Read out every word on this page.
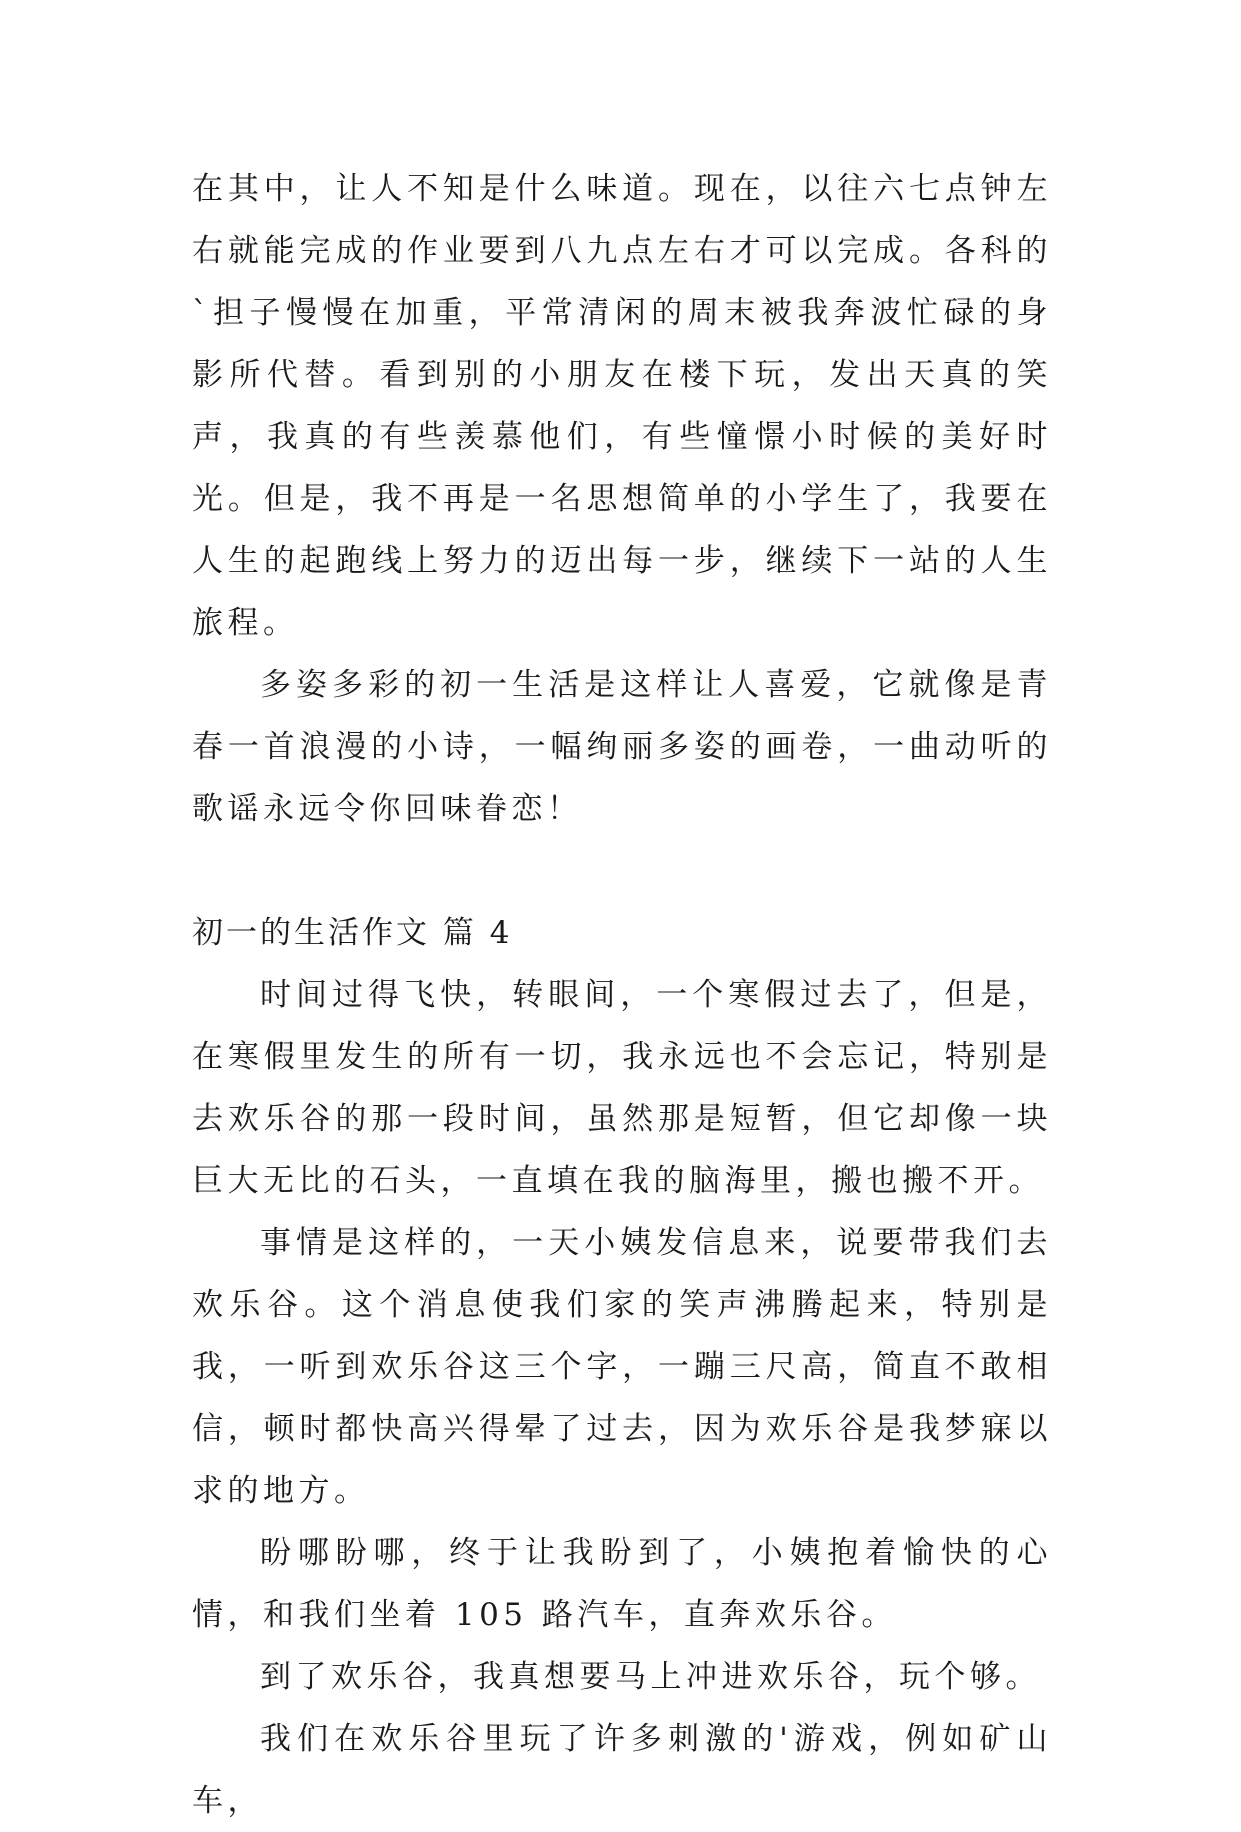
在其中，让人不知是什么味道。现在，以往六七点钟左右就能完成的作业要到八九点左右才可以完成。各科的`担子慢慢在加重，平常清闲的周末被我奔波忙碌的身影所代替。看到别的小朋友在楼下玩，发出天真的笑声，我真的有些羡慕他们，有些憧憬小时候的美好时光。但是，我不再是一名思想简单的小学生了，我要在人生的起跑线上努力的迈出每一步，继续下一站的人生旅程。

多姿多彩的初一生活是这样让人喜爱，它就像是青春一首浪漫的小诗，一幅绚丽多姿的画卷，一曲动听的歌谣永远令你回味眷恋！

初一的生活作文 篇 4

时间过得飞快，转眼间，一个寒假过去了，但是，在寒假里发生的所有一切，我永远也不会忘记，特别是去欢乐谷的那一段时间，虽然那是短暂，但它却像一块巨大无比的石头，一直填在我的脑海里，搬也搬不开。

事情是这样的，一天小姨发信息来，说要带我们去欢乐谷。这个消息使我们家的笑声沸腾起来，特别是我，一听到欢乐谷这三个字，一蹦三尺高，简直不敢相信，顿时都快高兴得晕了过去，因为欢乐谷是我梦寐以求的地方。

盼哪盼哪，终于让我盼到了，小姨抱着愉快的心情，和我们坐着 105 路汽车，直奔欢乐谷。

到了欢乐谷，我真想要马上冲进欢乐谷，玩个够。

我们在欢乐谷里玩了许多刺激的'游戏，例如矿山车，
